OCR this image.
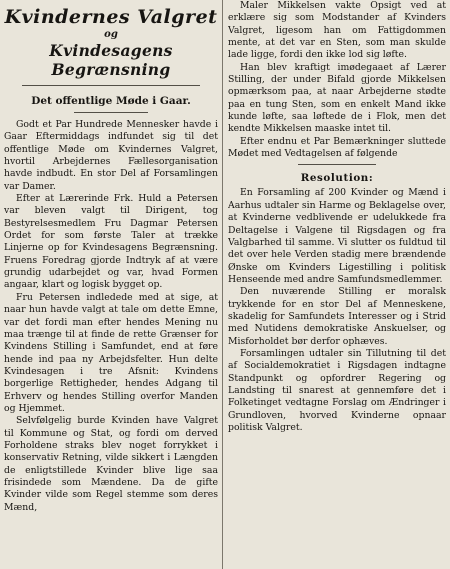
Kvindernes Valgret
og
Kvindesagens Begrænsning
Det offentlige Møde i Gaar.

Godt et Par Hundrede Mennesker havde i Gaar Eftermiddags indfundet sig til det offentlige Møde om Kvindernes Valgret, hvortil Arbejdernes Fællesorganisation havde indbudt. En stor Del af Forsamlingen var Damer.

Efter at Lærerinde Frk. Huld a Petersen var bleven valgt til Dirigent, tog Bestyrelsesmedlem Fru Dagmar Petersen Ordet for som første Taler at trække Linjerne op for Kvindesagens Begrænsning. Fruens Foredrag gjorde Indtryk af at være grundig udarbejdet og var, hvad Formen angaar, klart og logisk bygget op.

Fru Petersen indledede med at sige, at naar hun havde valgt at tale om dette Emne, var det fordi man efter hendes Mening nu maa trænge til at finde de rette Grænser for Kvindens Stilling i Samfundet, end at føre hende ind paa ny Arbejdsfelter. Hun delte Kvindesagen i tre Afsnit: Kvindens borgerlige Rettigheder, hendes Adgang til Erhverv og hendes Stilling overfor Manden og Hjemmet.

Selvfølgelig burde Kvinden have Valgret til Kommune og Stat, og fordi om derved Forholdene straks blev noget forrykket i konservativ Retning, vilde sikkert i Længden de enligtstillede Kvinder blive lige saa frisindede som Mændene. Da de gifte Kvinder vilde som Regel stemme som deres Mænd,

Maler Mikkelsen vakte Opsigt ved at erklære sig som Modstander af Kvinders Valgret, ligesom han om Fattigdommen mente, at det var en Sten, som man skulde lade ligge, fordi den ikke lod sig løfte.

Han blev kraftigt imødegaaet af Lærer Stilling, der under Bifald gjorde Mikkelsen opmærksom paa, at naar Arbejderne stødte paa en tung Sten, som en enkelt Mand ikke kunde løfte, saa løftede de i Flok, men det kendte Mikkelsen maaske intet til.

Efter endnu et Par Bemærkninger sluttede Mødet med Vedtagelsen af følgende

Resolution:

En Forsamling af 200 Kvinder og Mænd i Aarhus udtaler sin Harme og Beklagelse over, at Kvinderne vedblivende er udelukkede fra Deltagelse i Valgene til Rigsdagen og fra Valgbarhed til samme. Vi slutter os fuldtud til det over hele Verden stadig mere brændende Ønske om Kvinders Ligestilling i politisk Henseende med andre Samfundsmedlemmer.

Den nuværende Stilling er moralsk trykkende for en stor Del af Menneskene, skadelig for Samfundets Interesser og i Strid med Nutidens demokratiske Anskuelser, og Misforholdet bør derfor ophæves.

Forsamlingen udtaler sin Tillutning til det af Socialdemokratiet i Rigsdagen indtagne Standpunkt og opfordrer Regering og Landsting til snarest at gennemføre det i Folketinget vedtagne Forslag om Ændringer i Grundloven, hvorved Kvinderne opnaar politisk Valgret.
